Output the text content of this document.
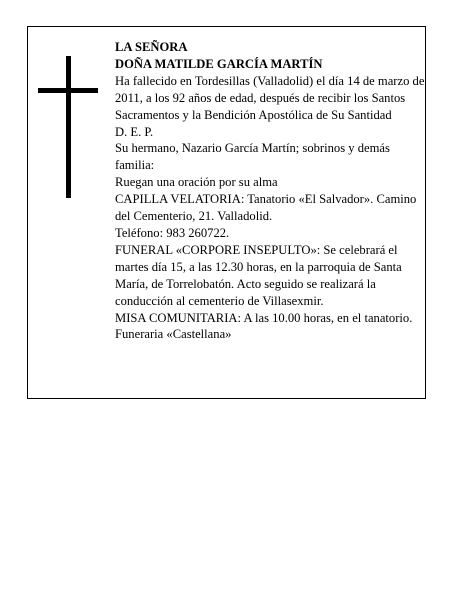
LA SEÑORA
DOÑA MATILDE GARCÍA MARTÍN
Ha fallecido en Tordesillas (Valladolid) el día 14 de marzo de 2011, a los 92 años de edad, después de recibir los Santos Sacramentos y la Bendición Apostólica de Su Santidad
D. E. P.
Su hermano, Nazario García Martín; sobrinos y demás familia:
Ruegan una oración por su alma
CAPILLA VELATORIA: Tanatorio «El Salvador». Camino del Cementerio, 21. Valladolid.
Teléfono: 983 260722.
FUNERAL «CORPORE INSEPULTO»: Se celebrará el martes día 15, a las 12.30 horas, en la parroquia de Santa María, de Torrelobatón. Acto seguido se realizará la conducción al cementerio de Villasexmir.
MISA COMUNITARIA: A las 10.00 horas, en el tanatorio.
Funeraria «Castellana»
